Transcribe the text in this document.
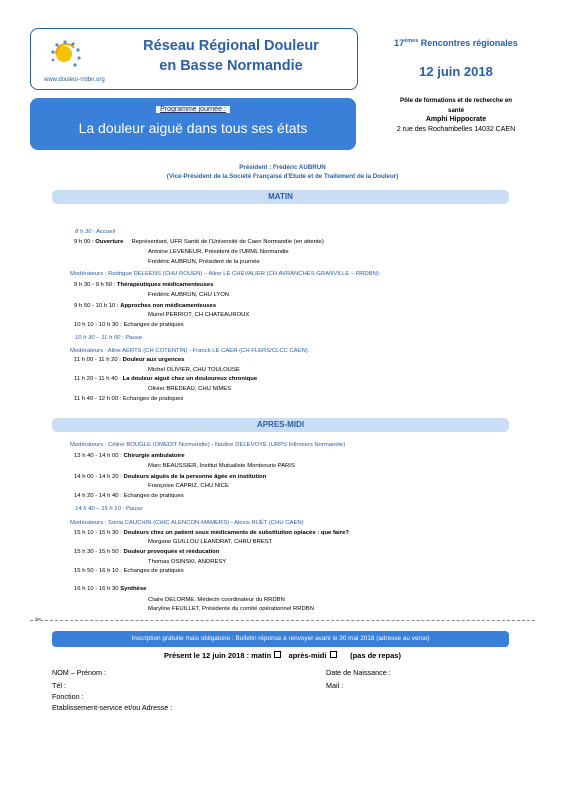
www.douleur-rrdbn.org
Réseau Régional Douleur
en Basse Normandie
17èmes Rencontres régionales
12 juin 2018
Pôle de formations et de recherche en
santé
Amphi Hippocrate
2 rue des Rochambelles 14032 CAEN
Programme journée :
La douleur aiguë dans tous ses états
Président : Frédéric AUBRUN
(Vice-Président de la Société Française d'Etude et de Traitement de la Douleur)
MATIN
APRES-MIDI
✂
Inscription gratuite mais obligatoire : Bulletin réponse à renvoyer avant le 30 mai 2018 (adresse au verso)
Présent le 12 juin 2018 : matin après-midi	(pas de repas)
NOM – Prénom :	Date de Naissance :
Tél :	Mail :
Fonction :
Etablissement-service et/ou Adresse :
8 h 30 : Accueil
9 h 00 : Ouverture Représentant, UFR Santé de l'Université de Caen Normandie (en attente)
Antoine LEVENEUR, Président de l'URML Normandie
Frédéric AUBRUN, Président de la journée
Modérateurs : Rodrigue DELEENS (CHU ROUEN) – Aline LE CHEVALIER (CH AVRANCHES GRANVILLE – RRDBN)
9 h 30 - 9 h 50 : Thérapeutiques médicamenteuses
Frédéric AUBRUN, CHU LYON
9 h 50 - 10 h 10 : Approches non médicamenteuses
Muriel PERRIOT, CH CHATEAUROUX
10 h 10 - 10 h 30 : Echanges de pratiques
10 h 30 – 11 h 00 : Pause
Modérateurs : Aline AERTS (CH COTENTIN) - Franck LE CAER (CH FLERS/CLCC CAEN)
11 h 00 - 11 h 20 : Douleur aux urgences
Michel OLIVIER, CHU TOULOUSE
11 h 20 - 11 h 40 : La douleur aiguë chez un douloureux chronique
Olivier BREDEAU, CHU NIMES
11 h 40 - 12 h 00 : Echanges de pratiques
Modérateurs : Céline BOUGLE (OMEDIT Normandie) - Nadine DELEVOYE (URPS Infirmiers Normandie)
13 h 40 - 14 h 00 : Chirurgie ambulatoire
Marc BEAUSSIER, Institut Mutualiste Montsouris PARIS
14 h 00 - 14 h 20 : Douleurs aiguës de la personne âgée en institution
Françoise CAPRIZ, CHU NICE
14 h 20 - 14 h 40 : Echanges de pratiques
14 h 40 – 15 h 10 : Pause
Modérateurs : Sonia CAUCHIN (CHIC ALENCON-MAMERS) - Alexis RUËT (CHU CAEN)
15 h 10 - 15 h 30 : Douleurs chez un patient sous médicaments de substitution opiacés : que faire?
Morgane GUILLOU LEANDRAT, CHRU BREST
15 h 30 - 15 h 50 : Douleur provoquée et rééducation
Thomas OSINSKI, ANDRESY
15 h 50 - 16 h 10 : Echanges de pratiques
16 h 10 - 16 h 30 Synthèse
Claire DELORME, Médecin coordinateur du RRDBN
Maryline FEUILLET, Présidente du comité opérationnel RRDBN
